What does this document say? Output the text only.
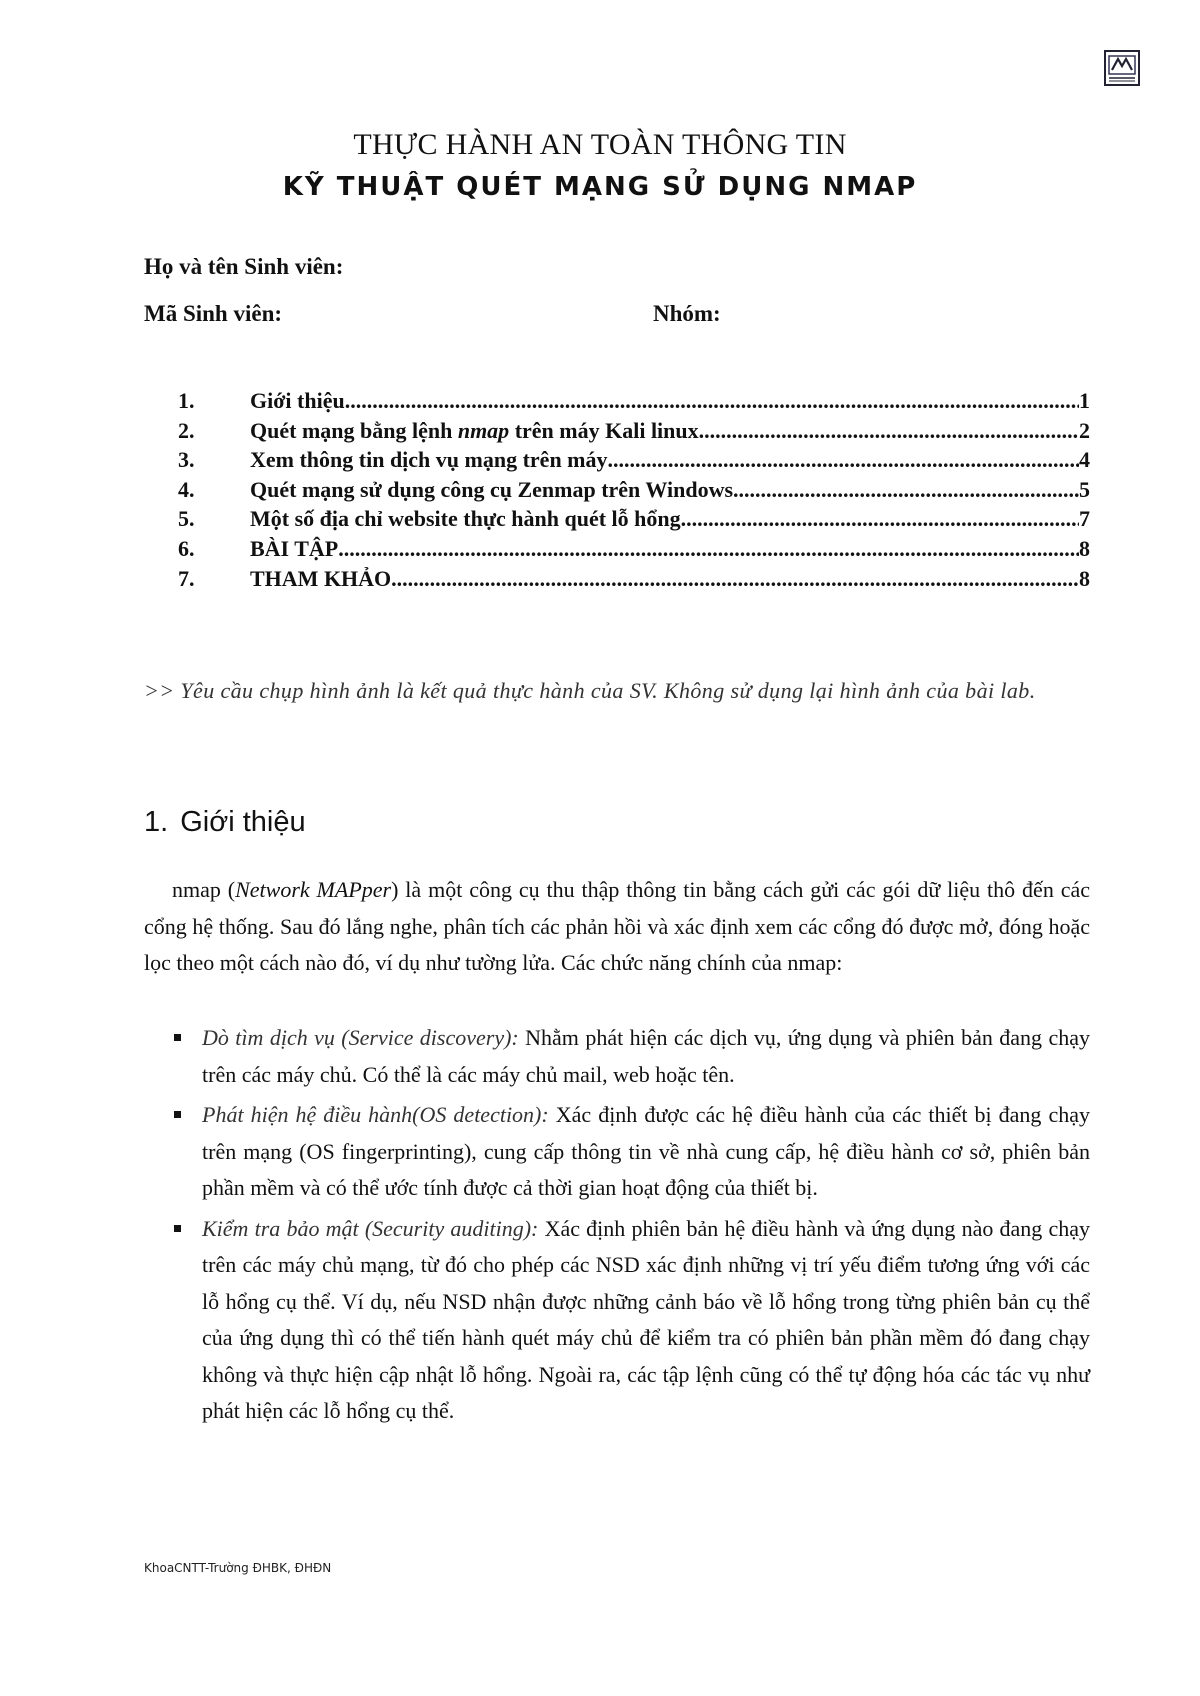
THỰC HÀNH AN TOÀN THÔNG TIN
KỸ THUẬT QUÉT MẠNG SỬ DỤNG NMAP
Họ và tên Sinh viên:
Mã Sinh viên:	Nhóm:
1.	Giới thiệu .....	1
2.	Quét mạng bằng lệnh nmap trên máy Kali linux .....	2
3.	Xem thông tin dịch vụ mạng trên máy .....	4
4.	Quét mạng sử dụng công cụ Zenmap trên Windows .....	5
5.	Một số địa chỉ website thực hành quét lỗ hổng .....	7
6.	BÀI TẬP .....	8
7.	THAM KHẢO .....	8
>> Yêu cầu chụp hình ảnh là kết quả thực hành của SV. Không sử dụng lại hình ảnh của bài lab.
1. Giới thiệu
nmap (Network MAPper) là một công cụ thu thập thông tin bằng cách gửi các gói dữ liệu thô đến các cổng hệ thống. Sau đó lắng nghe, phân tích các phản hồi và xác định xem các cổng đó được mở, đóng hoặc lọc theo một cách nào đó, ví dụ như tường lửa. Các chức năng chính của nmap:
Dò tìm dịch vụ (Service discovery): Nhằm phát hiện các dịch vụ, ứng dụng và phiên bản đang chạy trên các máy chủ. Có thể là các máy chủ mail, web hoặc tên.
Phát hiện hệ điều hành(OS detection): Xác định được các hệ điều hành của các thiết bị đang chạy trên mạng (OS fingerprinting), cung cấp thông tin về nhà cung cấp, hệ điều hành cơ sở, phiên bản phần mềm và có thể ước tính được cả thời gian hoạt động của thiết bị.
Kiểm tra bảo mật (Security auditing): Xác định phiên bản hệ điều hành và ứng dụng nào đang chạy trên các máy chủ mạng, từ đó cho phép các NSD xác định những vị trí yếu điểm tương ứng với các lỗ hổng cụ thể. Ví dụ, nếu NSD nhận được những cảnh báo về lỗ hổng trong từng phiên bản cụ thể của ứng dụng thì có thể tiến hành quét máy chủ để kiểm tra có phiên bản phần mềm đó đang chạy không và thực hiện cập nhật lỗ hổng. Ngoài ra, các tập lệnh cũng có thể tự động hóa các tác vụ như phát hiện các lỗ hổng cụ thể.
KhoaCNTT-Trường ĐHBK, ĐHĐN
